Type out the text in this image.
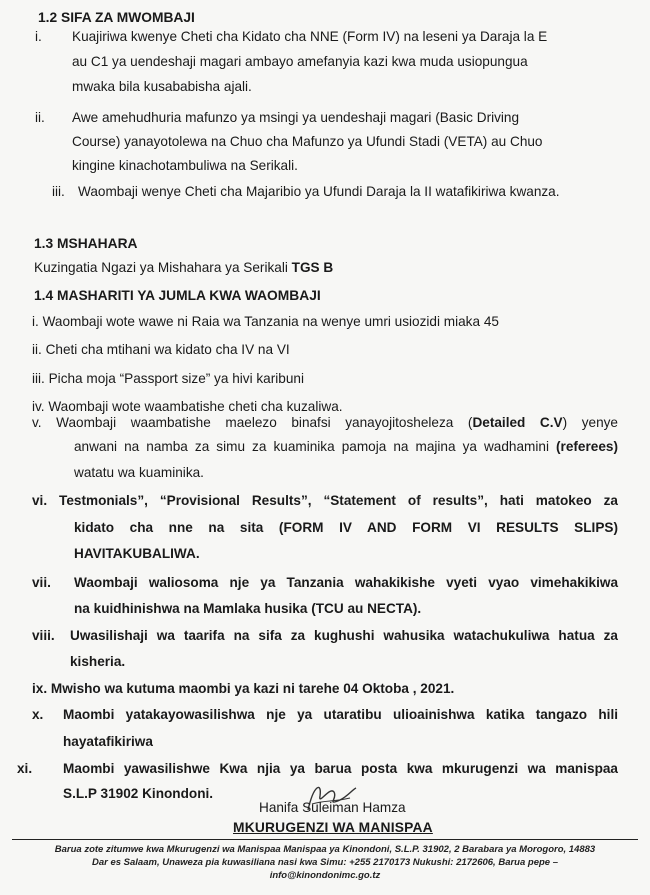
1.2 SIFA ZA MWOMBAJI
i. Kuajiriwa kwenye Cheti cha Kidato cha NNE (Form IV) na leseni ya Daraja la E
au C1 ya uendeshaji magari ambayo amefanyia kazi kwa muda usiopungua
mwaka bila kusababisha ajali.
ii. Awe amehudhuria mafunzo ya msingi ya uendeshaji magari (Basic Driving
Course) yanayotolewa na Chuo cha Mafunzo ya Ufundi Stadi (VETA) au Chuo
kingine kinachotambuliwa na Serikali.
iii. Waombaji wenye Cheti cha Majaribio ya Ufundi Daraja la II watafikiriwa kwanza.
1.3 MSHAHARA
Kuzingatia Ngazi ya Mishahara ya Serikali TGS B
1.4 MASHARITI YA JUMLA KWA WAOMBAJI
i. Waombaji wote wawe ni Raia wa Tanzania na wenye umri usiozidi miaka 45
ii. Cheti cha mtihani wa kidato cha IV na VI
iii. Picha moja “Passport size” ya hivi karibuni
iv. Waombaji wote waambatishe cheti cha kuzaliwa.
v. Waombaji waambatishe maelezo binafsi yanayojitosheleza (Detailed C.V) yenye
anwani na namba za simu za kuaminika pamoja na majina ya wadhamini (referees)
watatu wa kuaminika.
vi. Testmonials”, “Provisional Results”, “Statement of results”, hati matokeo za
kidato cha nne na sita (FORM IV AND FORM VI RESULTS SLIPS)
HAVITAKUBALIWA.
vii. Waombaji waliosoma nje ya Tanzania wahakikishe vyeti vyao vimehakikiwa
na kuidhinishwa na Mamlaka husika (TCU au NECTA).
viii. Uwasilishaji wa taarifa na sifa za kughushi wahusika watachukuliwa hatua za
kisheria.
ix. Mwisho wa kutuma maombi ya kazi ni tarehe 04 Oktoba , 2021.
x. Maombi yatakayowasilishwa nje ya utaratibu ulioainishwa katika tangazo hili
hayatafikiriwa
xi. Maombi yawasilishwe Kwa njia ya barua posta kwa mkurugenzi wa manispaa
S.L.P 31902 Kinondoni.
Hanifa Suleiman Hamza
MKURUGENZI WA MANISPAA
Barua zote zitumwe kwa Mkurugenzi wa Manispaa Manispaa ya Kinondoni, S.L.P. 31902, 2 Barabara ya Morogoro, 14883
Dar es Salaam, Unaweza pia kuwasiliana nasi kwa Simu: +255 2170173 Nukushi: 2172606, Barua pepe –
info@kinondonimc.go.tz
